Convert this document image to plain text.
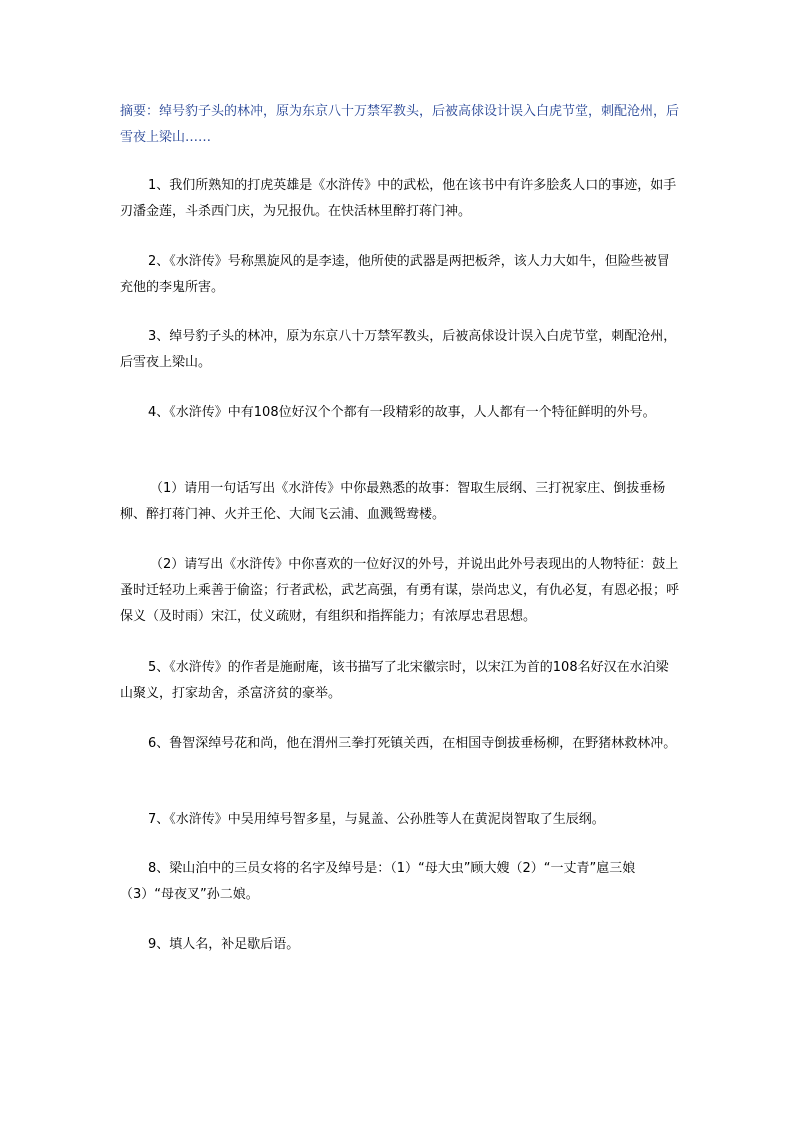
摘要：绰号豹子头的林冲，原为东京八十万禁军教头，后被高俅设计误入白虎节堂，刺配沧州，后雪夜上梁山……

1、我们所熟知的打虎英雄是《水浒传》中的武松，他在该书中有许多脍炙人口的事迹，如手刃潘金莲，斗杀西门庆，为兄报仇。在快活林里醉打蒋门神。

2、《水浒传》号称黑旋风的是李逵，他所使的武器是两把板斧，该人力大如牛，但险些被冒充他的李鬼所害。

3、绰号豹子头的林冲，原为东京八十万禁军教头，后被高俅设计误入白虎节堂，刺配沧州，后雪夜上梁山。

4、《水浒传》中有108位好汉个个都有一段精彩的故事，人人都有一个特征鲜明的外号。

（1）请用一句话写出《水浒传》中你最熟悉的故事：智取生辰纲、三打祝家庄、倒拔垂杨柳、醉打蒋门神、火并王伦、大闹飞云浦、血溅鸳鸯楼。

（2）请写出《水浒传》中你喜欢的一位好汉的外号，并说出此外号表现出的人物特征：鼓上蚤时迁轻功上乘善于偷盗；行者武松，武艺高强，有勇有谋，崇尚忠义，有仇必复，有恩必报；呼保义（及时雨）宋江，仗义疏财，有组织和指挥能力；有浓厚忠君思想。

5、《水浒传》的作者是施耐庵，该书描写了北宋徽宗时，以宋江为首的108名好汉在水泊梁山聚义，打家劫舍，杀富济贫的豪举。

6、鲁智深绰号花和尚，他在渭州三拳打死镇关西，在相国寺倒拔垂杨柳，在野猪林救林冲。

7、《水浒传》中吴用绰号智多星，与晁盖、公孙胜等人在黄泥岗智取了生辰纲。

8、梁山泊中的三员女将的名字及绰号是：（1）“母大虫”顾大嫂（2）“一丈青”扈三娘（3）“母夜叉”孙二娘。

9、填人名，补足歇后语。
